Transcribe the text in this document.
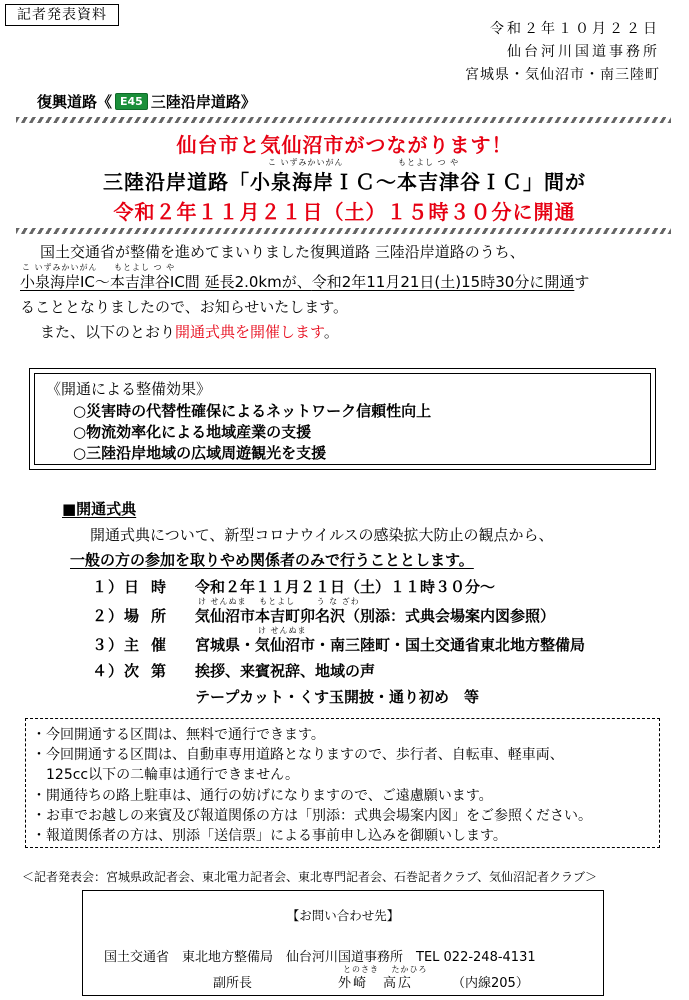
記者発表資料
令和２年１０月２２日
仙台河川国道事務所
宮城県・気仙沼市・南三陸町
復興道路《 E45 三陸沿岸道路》
仙台市と気仙沼市がつながります！
こ いずみかいがん	もとよし つ や
三陸沿岸道路「小泉海岸ＩＣ～本吉津谷ＩＣ」間が
令和２年１１月２１日（土）１５時３０分に開通
国土交通省が整備を進めてまいりました復興道路 三陸沿岸道路のうち、
こ いずみかいがん もとよし つ や
小泉海岸IC～本吉津谷IC間 延長2.0kmが、令和2年11月21日(土)15時30分に開通す
ることとなりましたので、お知らせいたします。
また、以下のとおり開通式典を開催します。
《開通による整備効果》
○災害時の代替性確保によるネットワーク信頼性向上
○物流効率化による地域産業の支援
○三陸沿岸地域の広域周遊観光を支援
■開通式典
開通式典について、新型コロナウイルスの感染拡大防止の観点から、
一般の方の参加を取りやめ関係者のみで行うこととします。
１） 日時 令和２年１１月２１日（土）１１時３０分～
け せんぬま　 もとよし　　 う な ざわ
２） 場所 気仙沼市本吉町卯名沢（別添：式典会場案内図参照）
け せんぬま
３） 主催 宮城県・気仙沼市・南三陸町・国土交通省東北地方整備局
４） 次第 挨拶、来賓祝辞、地域の声
テープカット・くす玉開披・通り初め　等
・今回開通する区間は、無料で通行できます。
・今回開通する区間は、自動車専用道路となりますので、歩行者、自転車、軽車両、
　125cc以下の二輪車は通行できません。
・開通待ちの路上駐車は、通行の妨げになりますので、ご遠慮願います。
・お車でお越しの来賓及び報道関係の方は「別添：式典会場案内図」をご参照ください。
・報道関係者の方は、別添「送信票」による事前申し込みを御願いします。
＜記者発表会：宮城県政記者会、東北電力記者会、東北専門記者会、石巻記者クラブ、気仙沼記者クラブ＞
【お問い合わせ先】
国土交通省　東北地方整備局　仙台河川国道事務所　TEL 022-248-4131
とのさき　 たかひろ
副所長	外崎　高広	（内線205）
